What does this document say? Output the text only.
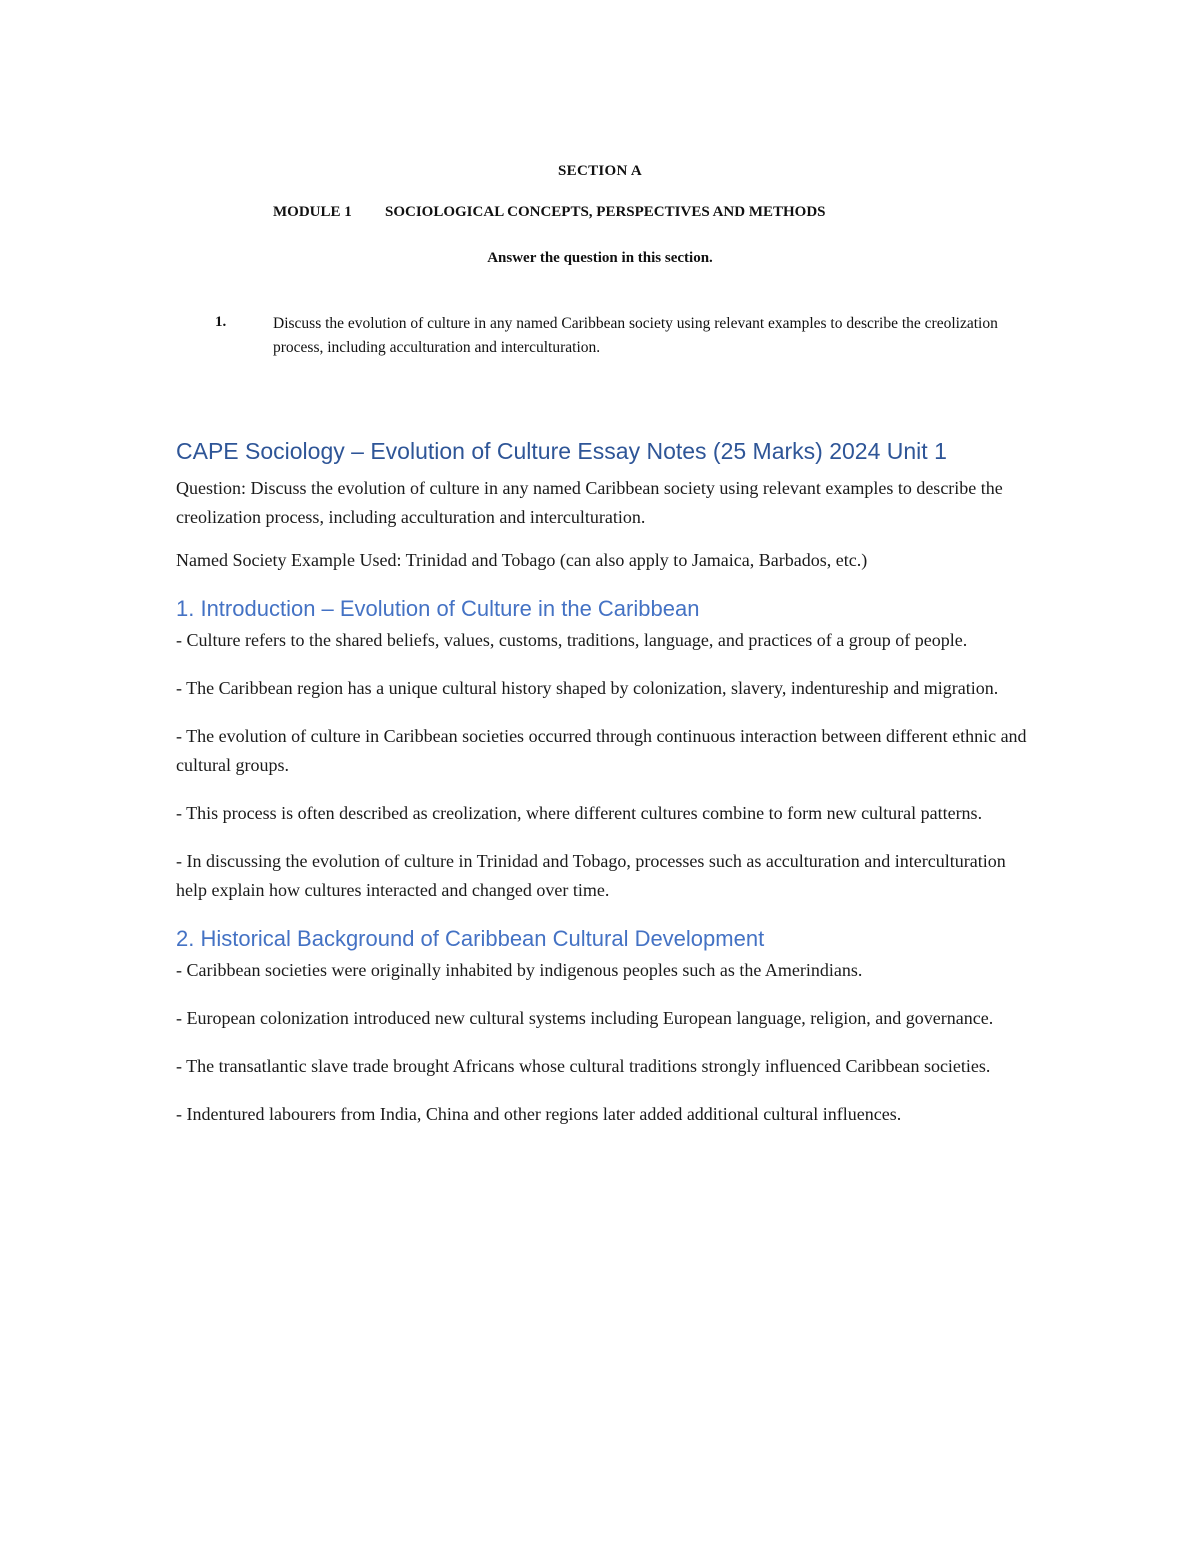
SECTION A
MODULE 1 SOCIOLOGICAL CONCEPTS, PERSPECTIVES AND METHODS
Answer the question in this section.
1.	Discuss the evolution of culture in any named Caribbean society using relevant examples to describe the creolization process, including acculturation and interculturation.
CAPE Sociology – Evolution of Culture Essay Notes (25 Marks) 2024 Unit 1

Question: Discuss the evolution of culture in any named Caribbean society using relevant examples to describe the creolization process, including acculturation and interculturation.

Named Society Example Used: Trinidad and Tobago (can also apply to Jamaica, Barbados, etc.)

1. Introduction – Evolution of Culture in the Caribbean

- Culture refers to the shared beliefs, values, customs, traditions, language, and practices of a group of people.

- The Caribbean region has a unique cultural history shaped by colonization, slavery, indentureship and migration.

- The evolution of culture in Caribbean societies occurred through continuous interaction between different ethnic and cultural groups.

- This process is often described as creolization, where different cultures combine to form new cultural patterns.

- In discussing the evolution of culture in Trinidad and Tobago, processes such as acculturation and interculturation help explain how cultures interacted and changed over time.

2. Historical Background of Caribbean Cultural Development

- Caribbean societies were originally inhabited by indigenous peoples such as the Amerindians.

- European colonization introduced new cultural systems including European language, religion, and governance.

- The transatlantic slave trade brought Africans whose cultural traditions strongly influenced Caribbean societies.

- Indentured labourers from India, China and other regions later added additional cultural influences.
